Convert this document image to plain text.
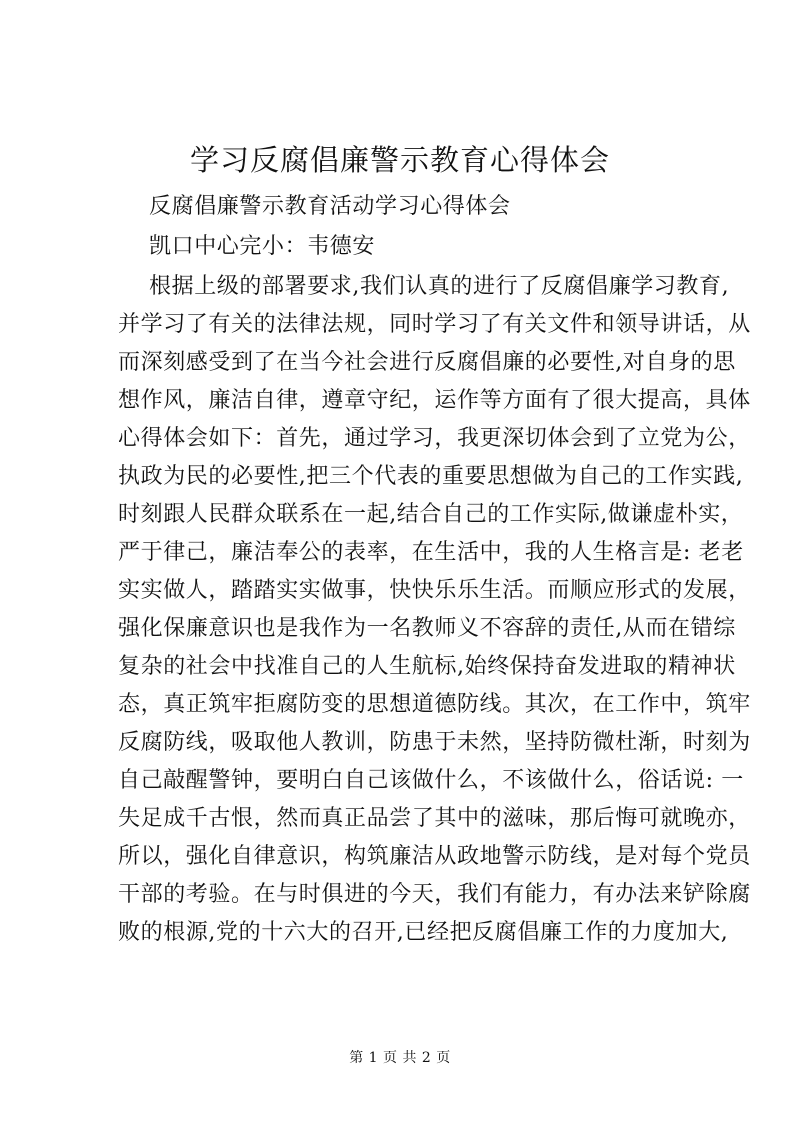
学习反腐倡廉警示教育心得体会
反腐倡廉警示教育活动学习心得体会
凯口中心完小：韦德安
根据上级的部署要求,我们认真的进行了反腐倡廉学习教育,
并学习了有关的法律法规，同时学习了有关文件和领导讲话，从
而深刻感受到了在当今社会进行反腐倡廉的必要性,对自身的思
想作风，廉洁自律，遵章守纪，运作等方面有了很大提高，具体
心得体会如下：首先，通过学习，我更深切体会到了立党为公，
执政为民的必要性,把三个代表的重要思想做为自己的工作实践,
时刻跟人民群众联系在一起,结合自己的工作实际,做谦虚朴实，
严于律己，廉洁奉公的表率，在生活中，我的人生格言是: 老老
实实做人，踏踏实实做事，快快乐乐生活。而顺应形式的发展，
强化保廉意识也是我作为一名教师义不容辞的责任,从而在错综
复杂的社会中找准自己的人生航标,始终保持奋发进取的精神状
态，真正筑牢拒腐防变的思想道德防线。其次，在工作中，筑牢
反腐防线，吸取他人教训，防患于未然，坚持防微杜渐，时刻为
自己敲醒警钟，要明白自己该做什么，不该做什么，俗话说: 一
失足成千古恨，然而真正品尝了其中的滋味，那后悔可就晚亦，
所以，强化自律意识，构筑廉洁从政地警示防线，是对每个党员
干部的考验。在与时俱进的今天，我们有能力，有办法来铲除腐
败的根源,党的十六大的召开,已经把反腐倡廉工作的力度加大,
第 1 页 共 2 页
